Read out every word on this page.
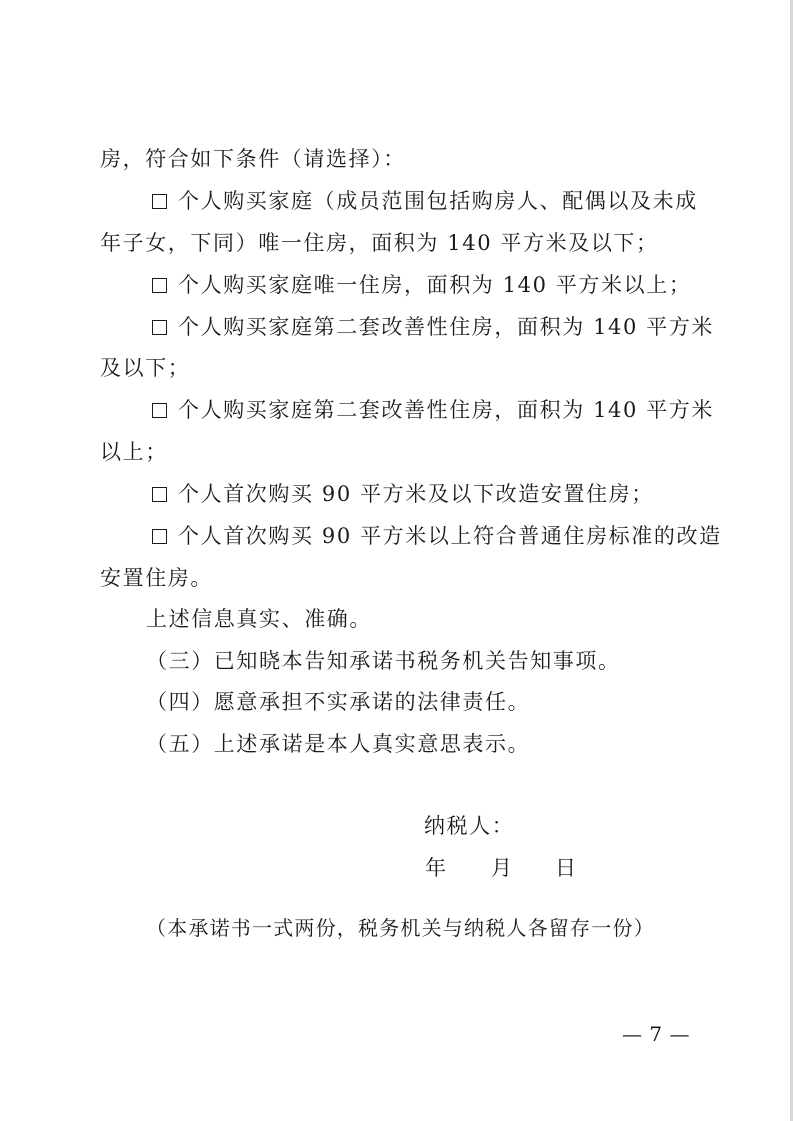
房，符合如下条件（请选择）：
个人购买家庭（成员范围包括购房人、配偶以及未成
年子女，下同）唯一住房，面积为 140 平方米及以下；
个人购买家庭唯一住房，面积为 140 平方米以上；
个人购买家庭第二套改善性住房，面积为 140 平方米
及以下；
个人购买家庭第二套改善性住房，面积为 140 平方米
以上；
个人首次购买 90 平方米及以下改造安置住房；
个人首次购买 90 平方米以上符合普通住房标准的改造
安置住房。
上述信息真实、准确。
（三）已知晓本告知承诺书税务机关告知事项。
（四）愿意承担不实承诺的法律责任。
（五）上述承诺是本人真实意思表示。
纳税人：
年 月 日
（本承诺书一式两份，税务机关与纳税人各留存一份）
— 7 —
